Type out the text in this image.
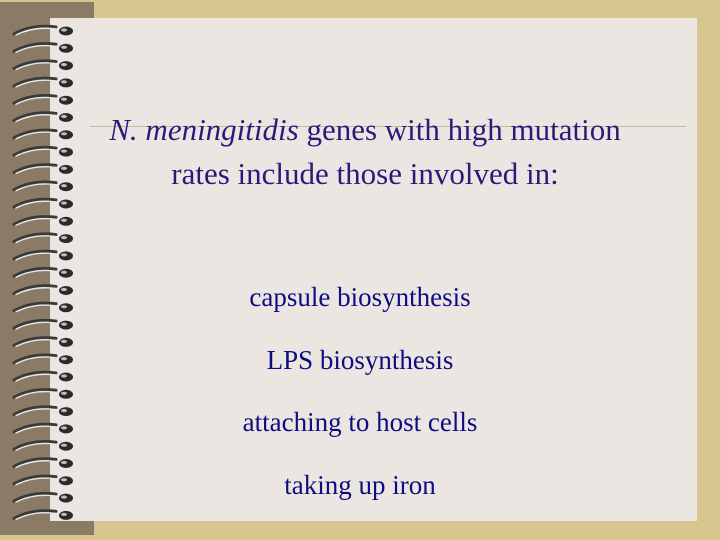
N. meningitidis genes with high mutation rates include those involved in:
capsule biosynthesis
LPS biosynthesis
attaching to host cells
taking up iron
